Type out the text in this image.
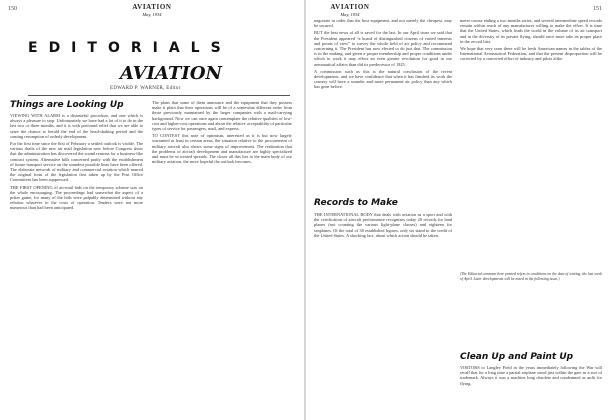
150	AVIATION
May, 1934
EDITORIALS
AVIATION
EDWARD P. WARNER, Editor
Things are Looking Up

VIEWING WITH ALARM is a distasteful procedure, and one which is always a pleasure to stop. Unfortunately we have had a lot of it to do in the last two or three months, and it is with profound relief that we are able to seize the chance to herald the end of the head-shaking period and the coming resumption of orderly development.

For the first time since the first of February a settled outlook is visible. The various drafts of the new air mail legislation now before Congress show that the administration has discovered the sound reasons for a business-like contract system. Alternative bills concerned partly with the establishment of future transport service on the soundest possible lines have been offered. The elaborate network of military and commercial aviation which marred the original form of the legislation first taken up by the Post Office Committees has been suppressed.

THE FIRST OPENING of air-mail bids on the temporary scheme was on the whole encouraging. The proceedings had somewhat the aspect of a poker game, for many of the bids were palpably determined without any relation whatever to the costs of operation. Tenders were not more numerous than had been anticipated.

The plans that some of them announce and the equipment that they possess make it plain that their operations will be of a somewhat different order from those previously maintained by the larger companies with a mail-carrying background. Now we can once again contemplate the relative qualities of low-cost and higher-cost operations and about the relative acceptability of particular types of service for passengers, mail, and express.

TO CONTEST this note of optimism, interested as it is but now largely warranted at least in certain areas, the situation relative to the procurement of military aircraft also shows some signs of improvement. The realization that the problems of aircraft development and manufacture are highly specialized and must be so treated spreads. The closer all this lies to the main body of our military aviation, the more hopeful the outlook becomes.

151
AVIATION
May, 1934

negotiate in order that the best equipment, and not merely the cheapest, may be secured.

BUT the best news of all is saved for the last. In our April issue we said that the President appeared “a board of distinguished citizens of varied interests and points of view” to survey the whole field of air policy and recommend concerning it. The President has now elected to do just that. The commission is in the making, and given a proper membership and proper conditions under which to work it may effect an even greater revolution for good in our aeronautical affairs than did its predecessor of 1925.

A commission such as this is the natural conclusion of the recent developments, and we have confidence that when it has finished its work the country will have a sounder and more permanent air policy than any which has gone before.

Records to Make

THE INTERNATIONAL BODY that deals with aviation as a sport and with the certification of aircraft performance recognizes today 20 records for land planes (not counting the various light-plane classes) and eighteen for seaplanes. Of the total of 38 established figures, only six stand to the credit of the United States. A shocking fact, about which action should be taken.

meter course ending a two months series, and several intermediate speed records remain within reach of any manufacturer willing to make the effort. It is time that the United States, which leads the world in the volume of its air transport and in the diversity of its private flying, should once more take its proper place in the record lists.

We hope that very soon there will be fresh American names in the tables of the International Aeronautical Federation, and that the present disproportion will be corrected by a concerted effort of industry and pilots alike.

(The Editorial comment here printed refers to conditions on the date of writing, the last week of April. Later developments will be noted in the following issue.)

Clean Up and Paint Up

VISITORS to Langley Field in the years immediately following the War will recall that for a long time a partial airplane stood just within the gate as a sort of trademark. Always it was a machine long obsolete and condemned as unfit for flying.
